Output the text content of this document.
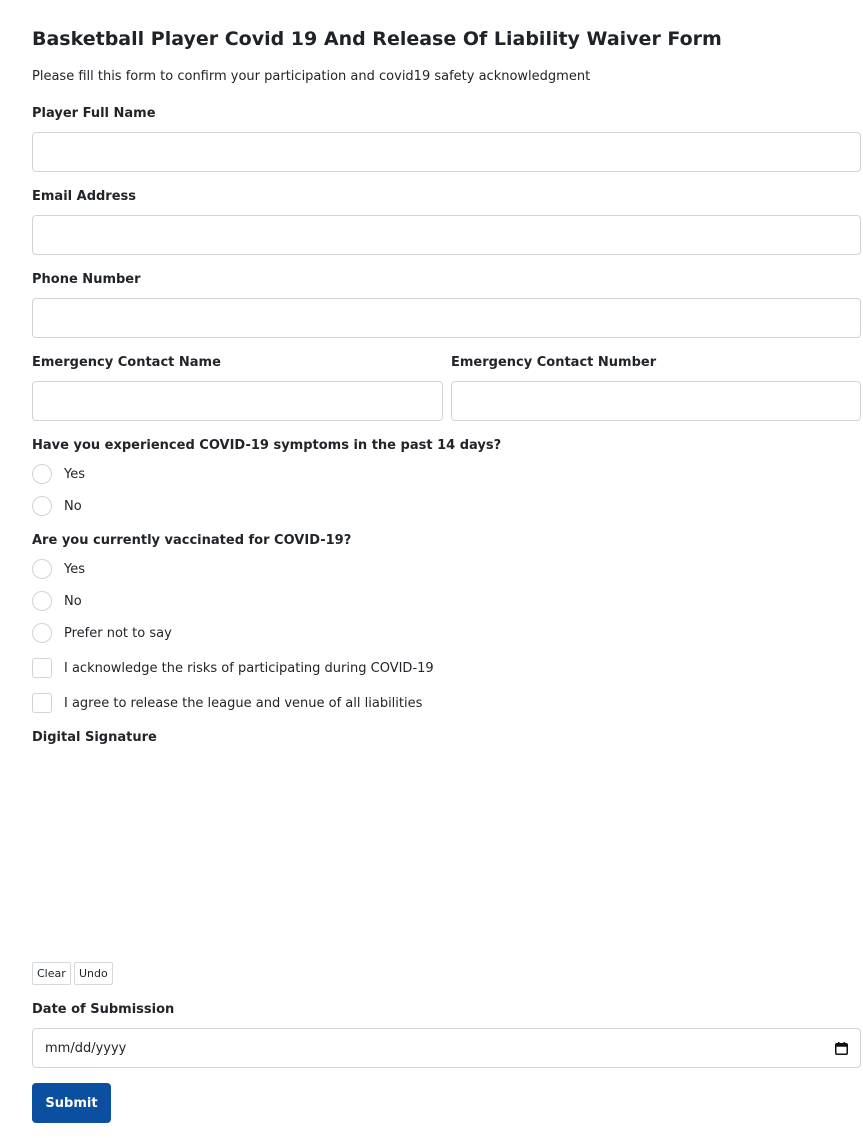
Basketball Player Covid 19 And Release Of Liability Waiver Form

Please fill this form to confirm your participation and covid19 safety acknowledgment

Player Full Name
Email Address
Phone Number
Emergency Contact Name	Emergency Contact Number
Have you experienced COVID-19 symptoms in the past 14 days?
Yes
No
Are you currently vaccinated for COVID-19?
Yes
No
Prefer not to say
I acknowledge the risks of participating during COVID-19
I agree to release the league and venue of all liabilities
Digital Signature
Clear	Undo
Date of Submission
mm/dd/yyyy
Submit
